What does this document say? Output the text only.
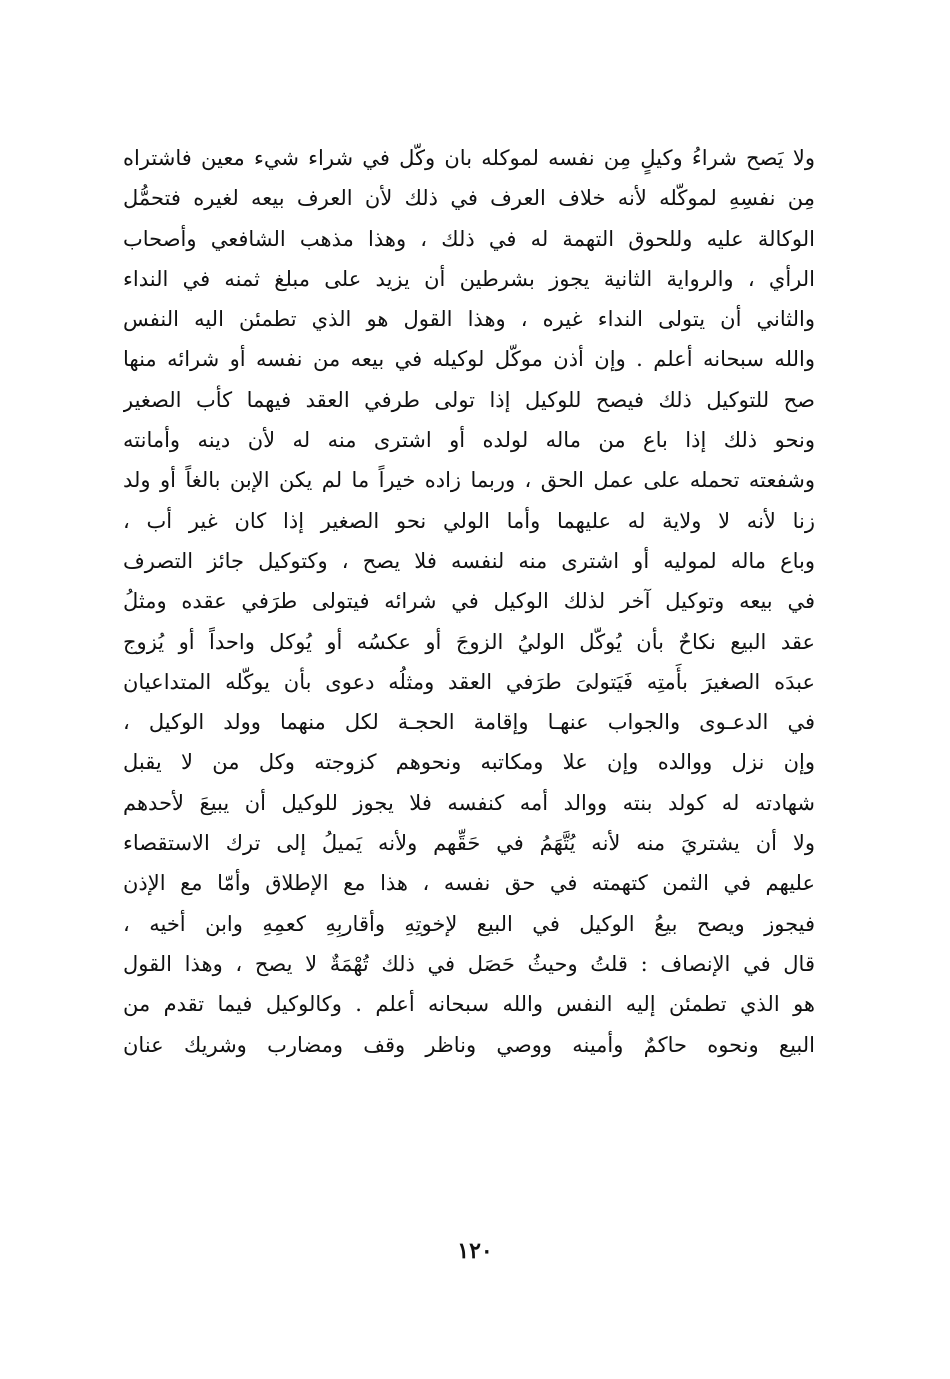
ولا يَصح شراءُ وكيلٍ مِن نفسه لموكله بان وكّل في شراء شيء معين فاشتراه
مِن نفسِهِ لموكّله لأنه خلاف العرف في ذلك لأن العرف بيعه لغيره فتحمُّل
الوكالة عليه وللحوق التهمة له في ذلك ، وهذا مذهب الشافعي وأصحاب
الرأي ، والرواية الثانية يجوز بشرطين أن يزيد على مبلغ ثمنه في النداء
والثاني أن يتولى النداء غيره ، وهذا القول هو الذي تطمئن اليه النفس
والله سبحانه أعلم . وإن أذن موكّل لوكيله في بيعه من نفسه أو شرائه منها
صح للتوكيل ذلك فيصح للوكيل إذا تولى طرفي العقد فيهما كأب الصغير
ونحو ذلك إذا باع من ماله لولده أو اشترى منه له لأن دينه وأمانته
وشفعته تحمله على عمل الحق ، وربما زاده خيراً ما لم يكن الإبن بالغاً أو ولد
زنا لأنه لا ولاية له عليهما وأما الولي نحو الصغير إذا كان غير أب ،
وباع ماله لموليه أو اشترى منه لنفسه فلا يصح ، وكتوكيل جائز التصرف
في بيعه وتوكيل آخر لذلك الوكيل في شرائه فيتولى طرَفي عقده ومثلُ
عقد البيع نكاحٌ بأن يُوكّل الوليُ الزوجَ أو عكسُه أو يُوكل واحداً أو يُزوج
عبدَه الصغيرَ بأَمتِه فَيَتولىَ طرَفي العقد ومثلُه دعوى بأن يوكّله المتداعيان
في الدعـوى والجواب عنهـا وإقامة الحجـة لكل منهما وولد الوكيل ،
وإن نزل ووالده وإن علا ومكاتبه ونحوهم كزوجته وكل من لا يقبل
شهادته له كولد بنته ووالد أمه كنفسه فلا يجوز للوكيل أن يبيعَ لأحدهم
ولا أن يشتريَ منه لأنه يُتَّهَمُ في حَقِّهم ولأنه يَميلُ إلى ترك الاستقصاء
عليهم في الثمن كتهمته في حق نفسه ، هذا مع الإطلاق وأمّا مع الإذن
فيجوز ويصح بيعُ الوكيل في البيع لإخوتِهِ وأقاربِهِ كعمِهِ وابن أخيه ،
قال في الإنصاف : قلتُ وحيثُ حَصَل في ذلك تُهْمَةٌ لا يصح ، وهذا القول
هو الذي تطمئن إليه النفس والله سبحانه أعلم . وكالوكيل فيما تقدم من
البيع ونحوه حاكمٌ وأمينه ووصي وناظر وقف ومضارب وشريك عنان
١٢٠
